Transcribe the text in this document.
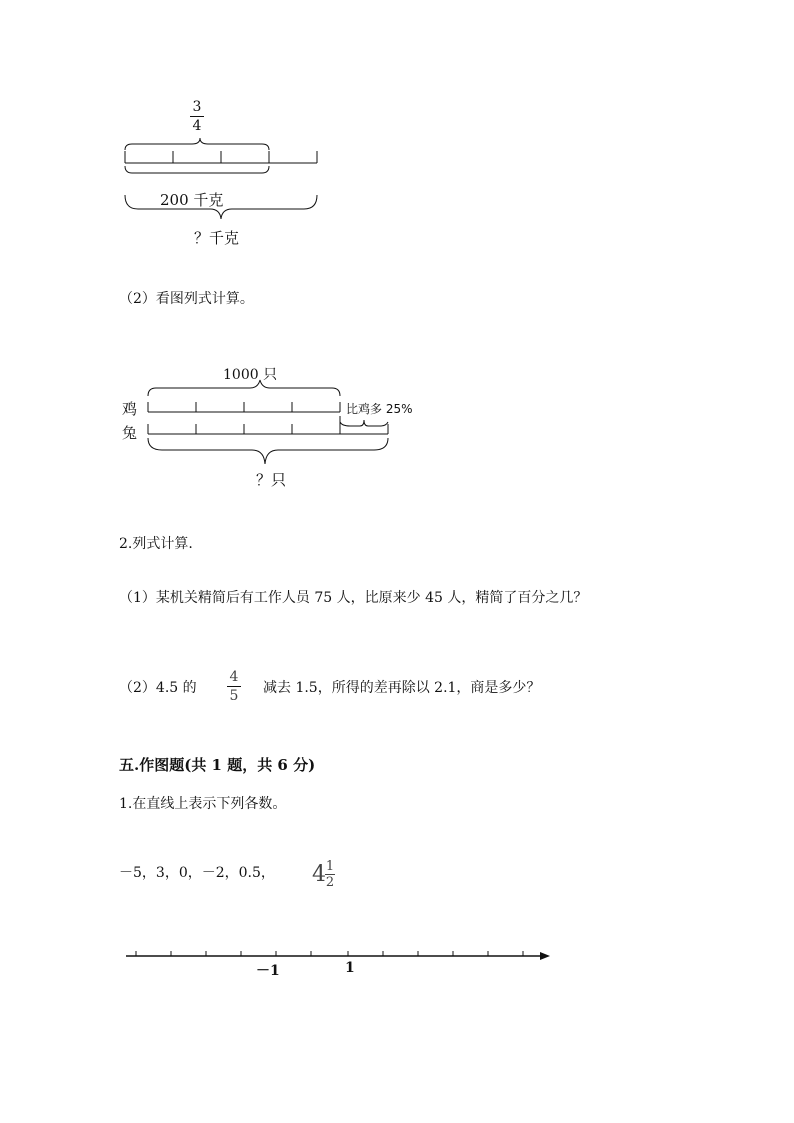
3
4
200 千克
？千克
（2）看图列式计算。
1000 只
鸡
兔
比鸡多 25%
？只
2.列式计算.
（1）某机关精简后有工作人员 75 人，比原来少 45 人，精简了百分之几？
（2）4.5 的
4
5 减去 1.5，所得的差再除以 2.1，商是多少？
五.作图题(共 1 题，共 6 分)
1.在直线上表示下列各数。
－5，3，0，－2，0.5， 4 1
2
－1	1
